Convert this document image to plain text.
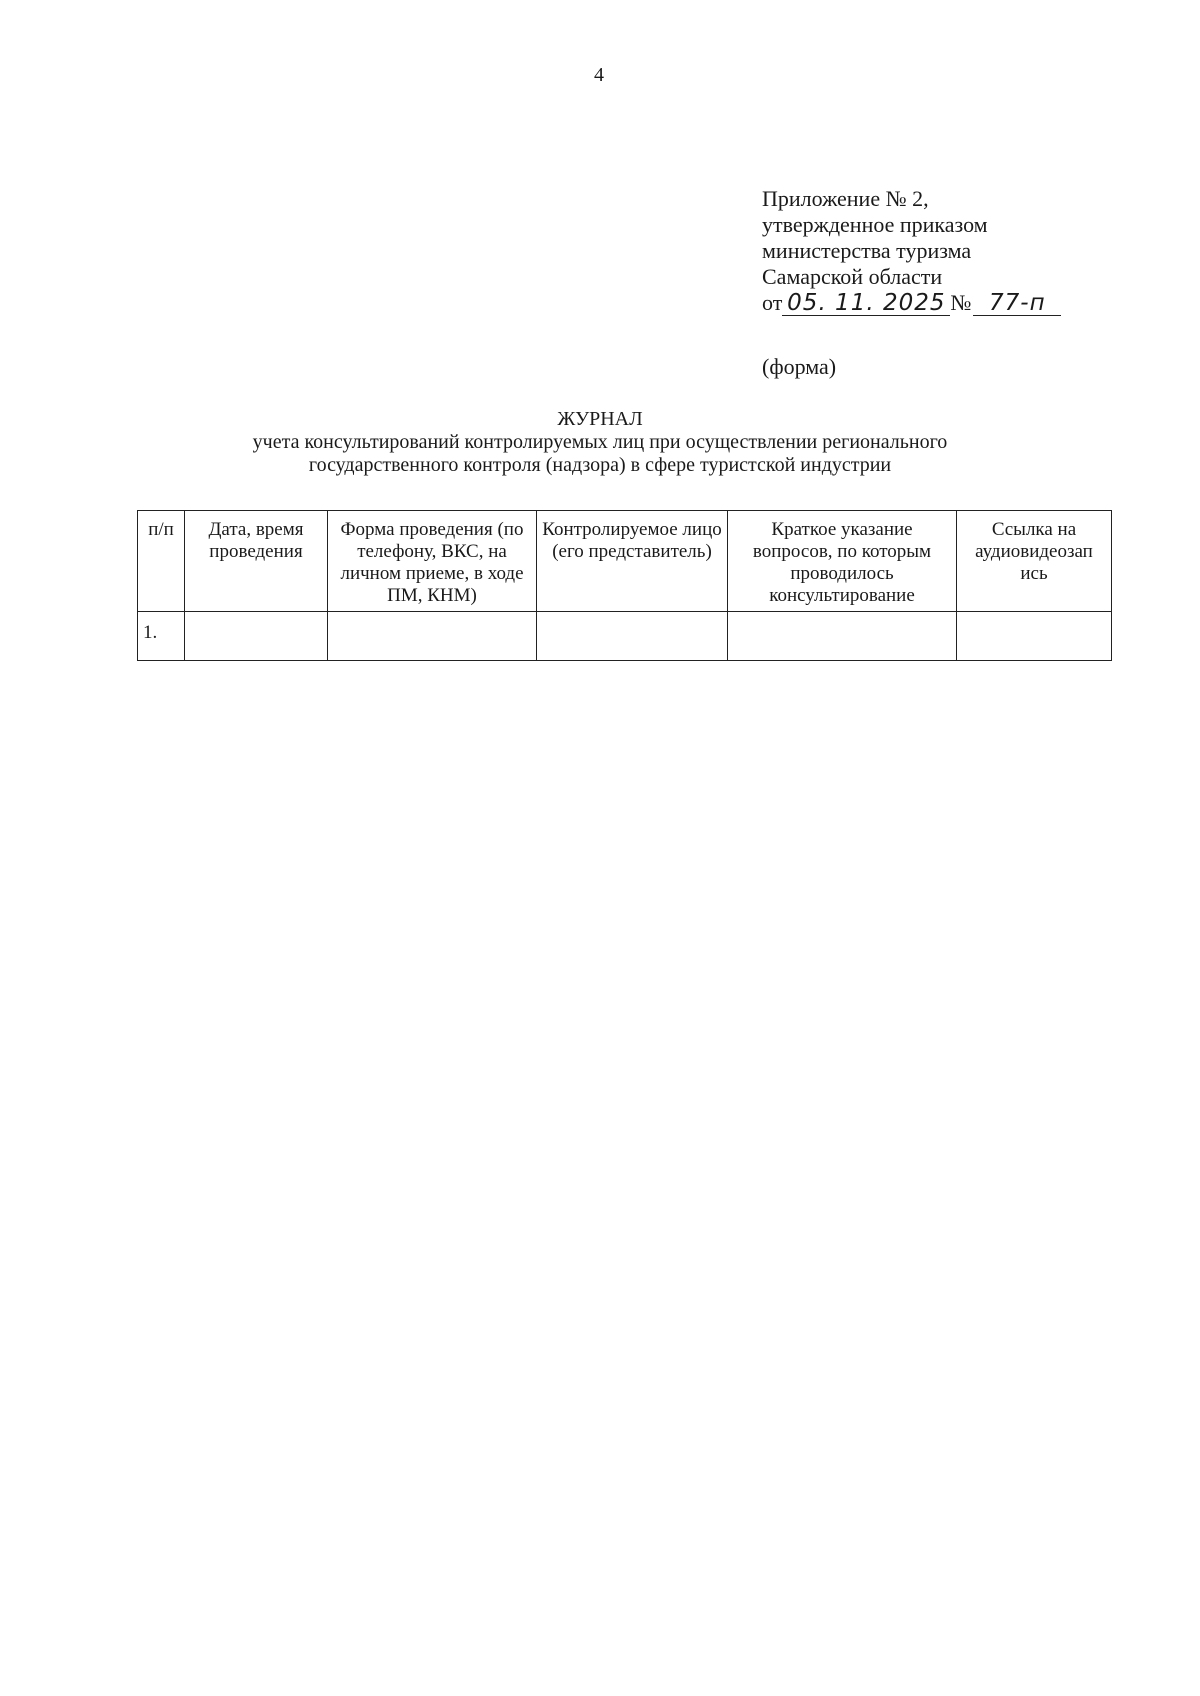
4
Приложение № 2,
утвержденное приказом
министерства туризма
Самарской области
от 05. 11. 2025 № 77-п
(форма)
ЖУРНАЛ
учета консультирований контролируемых лиц при осуществлении регионального
государственного контроля (надзора) в сфере туристской индустрии
п/п	Дата, время проведения	Форма проведения (по телефону, ВКС, на личном приеме, в ходе ПМ, КНМ)	Контролируемое лицо (его представитель)	Краткое указание вопросов, по которым проводилось консультирование	Ссылка на аудиовидеозап ись
1.					
